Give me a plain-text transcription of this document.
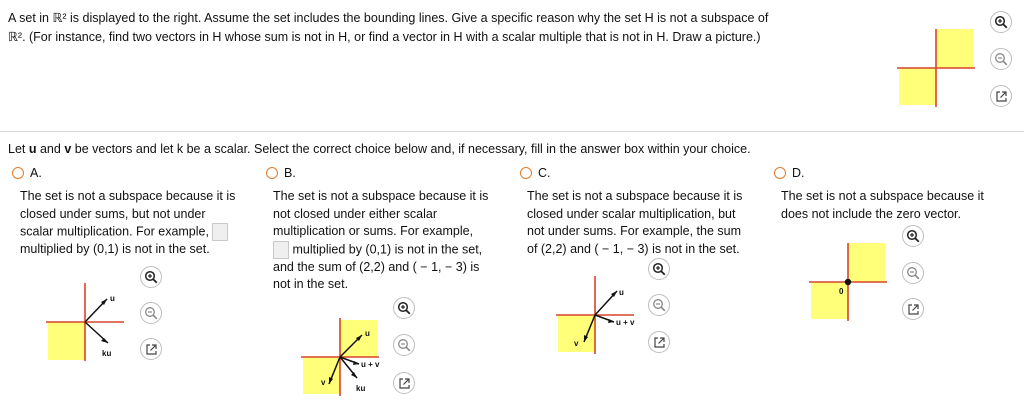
A set in ℝ² is displayed to the right. Assume the set includes the bounding lines. Give a specific reason why the set H is not a subspace of
ℝ². (For instance, find two vectors in H whose sum is not in H, or find a vector in H with a scalar multiple that is not in H. Draw a picture.)
Let u and v be vectors and let k be a scalar. Select the correct choice below and, if necessary, fill in the answer box within your choice.
A.
The set is not a subspace because it is
closed under sums, but not under
scalar multiplication. For example,
multiplied by (0,1) is not in the set.
u
ku
B.
The set is not a subspace because it is
not closed under either scalar
multiplication or sums. For example,
multiplied by (0,1) is not in the set,
and the sum of (2,2) and ( − 1, − 3) is
not in the set.
u
u + v
v
ku
C.
The set is not a subspace because it is
closed under scalar multiplication, but
not under sums. For example, the sum
of (2,2) and ( − 1, − 3) is not in the set.
u
u + v
v
D.
The set is not a subspace because it
does not include the zero vector.
0
